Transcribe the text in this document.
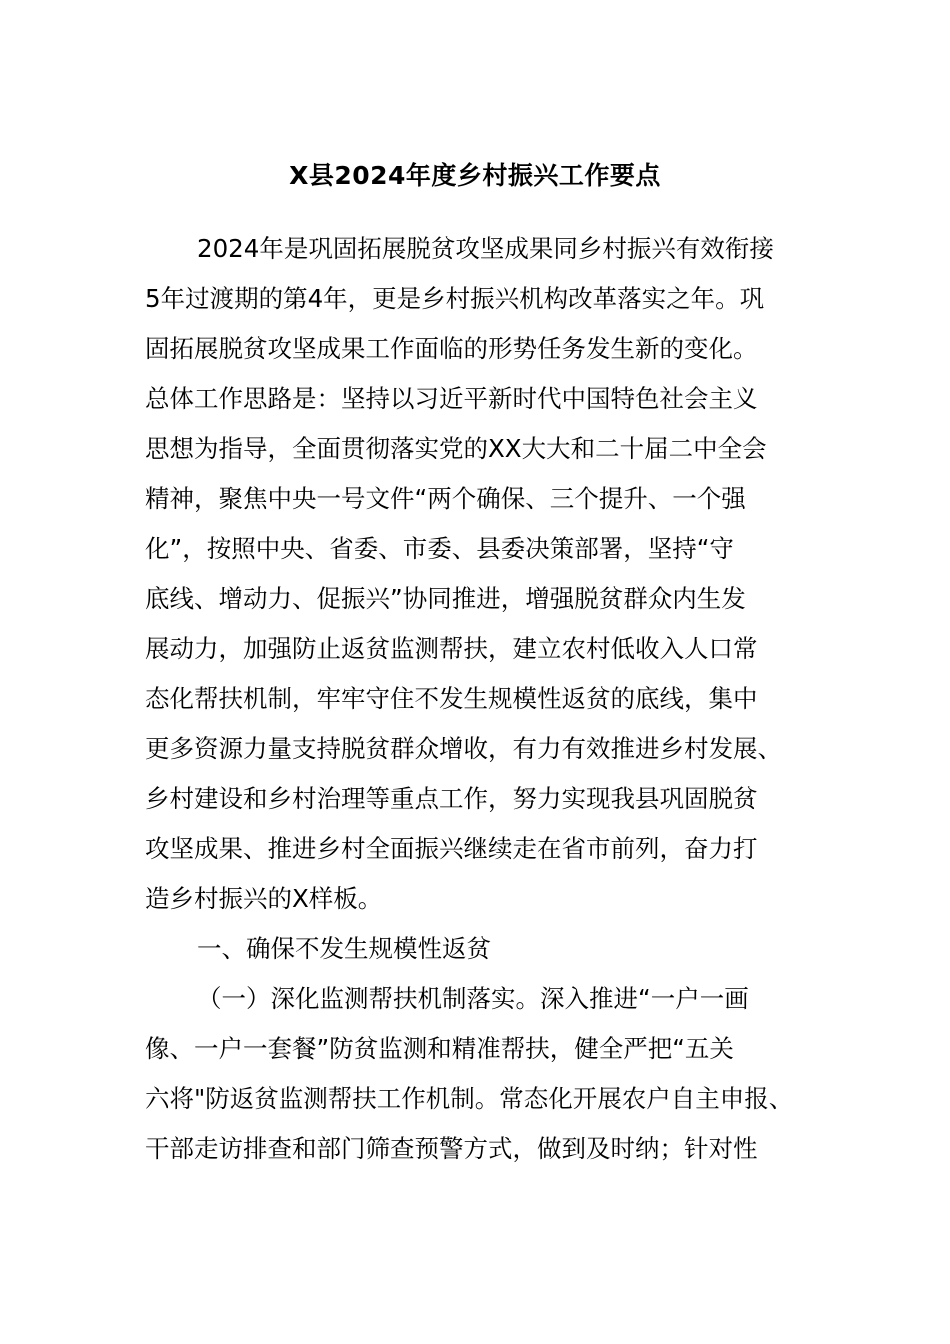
X县2024年度乡村振兴工作要点
2024年是巩固拓展脱贫攻坚成果同乡村振兴有效衔接
5年过渡期的第4年，更是乡村振兴机构改革落实之年。巩
固拓展脱贫攻坚成果工作面临的形势任务发生新的变化。
总体工作思路是：坚持以习近平新时代中国特色社会主义
思想为指导，全面贯彻落实党的XX大大和二十届二中全会
精神，聚焦中央一号文件“两个确保、三个提升、一个强
化”，按照中央、省委、市委、县委决策部署，坚持“守
底线、增动力、促振兴”协同推进，增强脱贫群众内生发
展动力，加强防止返贫监测帮扶，建立农村低收入人口常
态化帮扶机制，牢牢守住不发生规模性返贫的底线，集中
更多资源力量支持脱贫群众增收，有力有效推进乡村发展、
乡村建设和乡村治理等重点工作，努力实现我县巩固脱贫
攻坚成果、推进乡村全面振兴继续走在省市前列，奋力打
造乡村振兴的X样板。
一、确保不发生规模性返贫
（一）深化监测帮扶机制落实。深入推进“一户一画
像、一户一套餐”防贫监测和精准帮扶，健全严把“五关
六将"防返贫监测帮扶工作机制。常态化开展农户自主申报、
干部走访排查和部门筛查预警方式，做到及时纳；针对性
